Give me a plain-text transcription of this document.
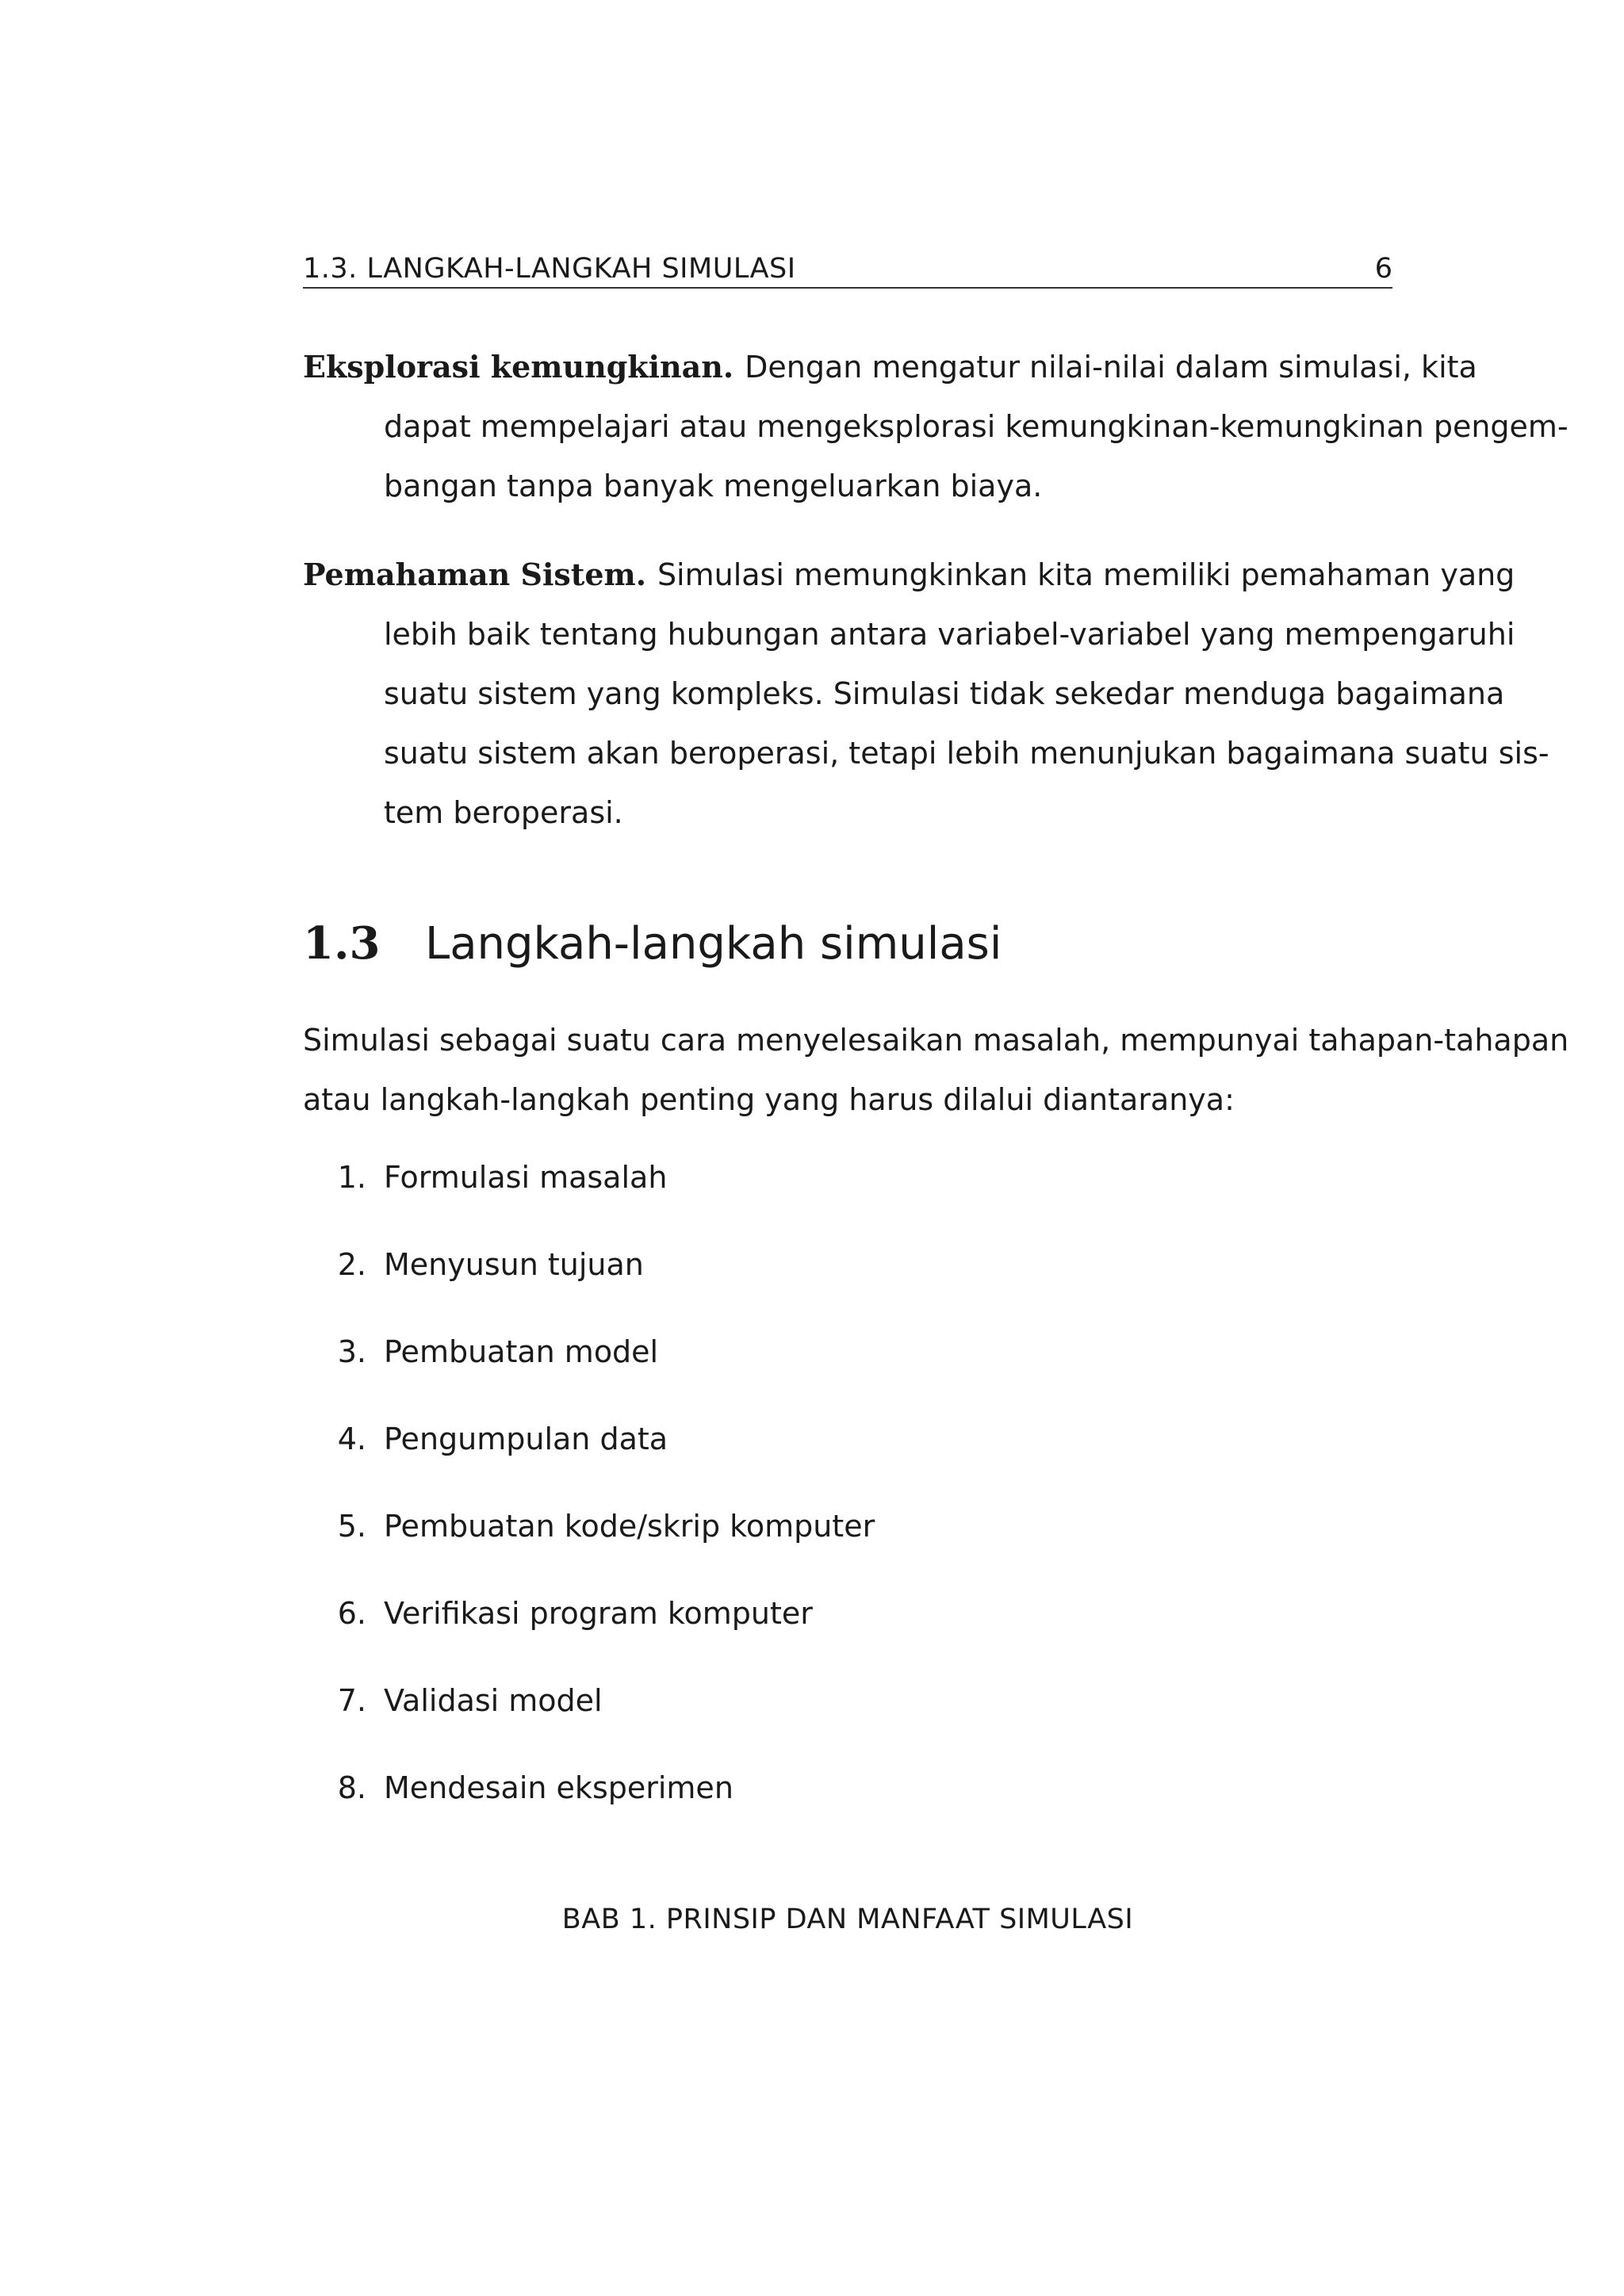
1.3. LANGKAH-LANGKAH SIMULASI	6
Eksplorasi kemungkinan. Dengan mengatur nilai-nilai dalam simulasi, kita
dapat mempelajari atau mengeksplorasi kemungkinan-kemungkinan pengem-
bangan tanpa banyak mengeluarkan biaya.
Pemahaman Sistem. Simulasi memungkinkan kita memiliki pemahaman yang
lebih baik tentang hubungan antara variabel-variabel yang mempengaruhi
suatu sistem yang kompleks. Simulasi tidak sekedar menduga bagaimana
suatu sistem akan beroperasi, tetapi lebih menunjukan bagaimana suatu sis-
tem beroperasi.
1.3 Langkah-langkah simulasi
Simulasi sebagai suatu cara menyelesaikan masalah, mempunyai tahapan-tahapan
atau langkah-langkah penting yang harus dilalui diantaranya:
1. Formulasi masalah
2. Menyusun tujuan
3. Pembuatan model
4. Pengumpulan data
5. Pembuatan kode/skrip komputer
6. Verifikasi program komputer
7. Validasi model
8. Mendesain eksperimen
BAB 1. PRINSIP DAN MANFAAT SIMULASI
